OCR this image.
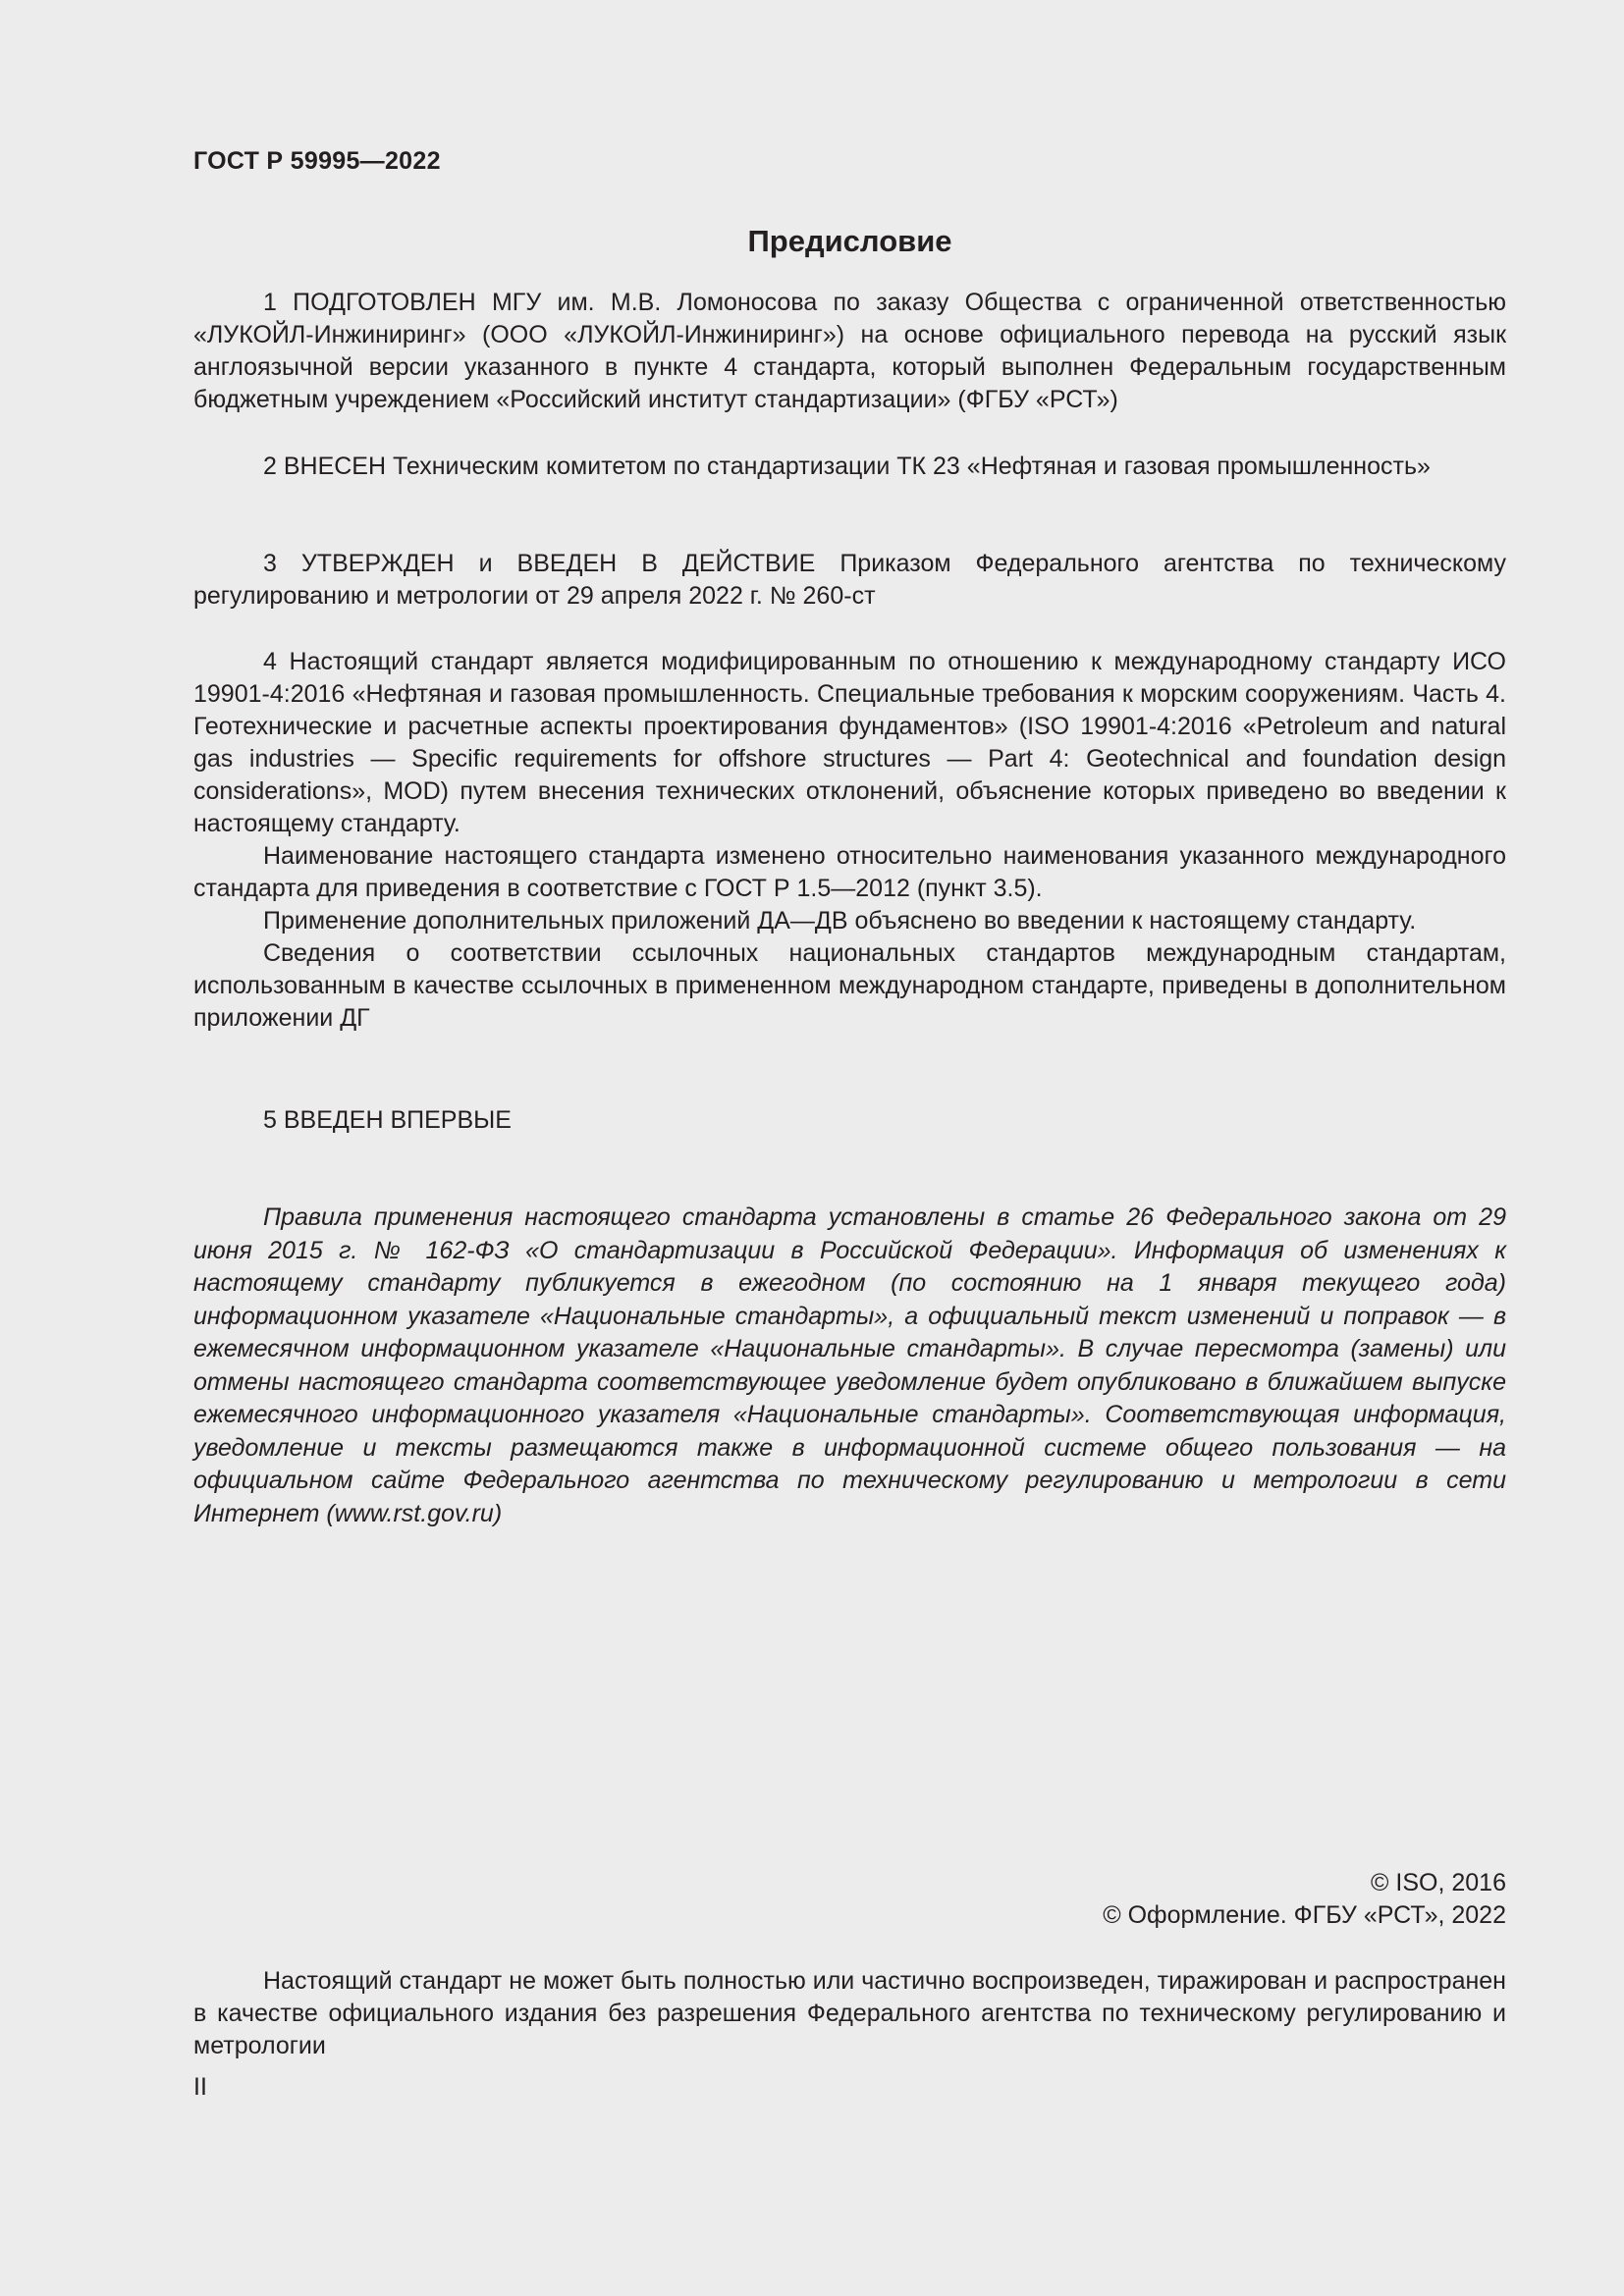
ГОСТ Р 59995—2022
Предисловие

1 ПОДГОТОВЛЕН МГУ им. М.В. Ломоносова по заказу Общества с ограниченной ответственностью «ЛУКОЙЛ-Инжиниринг» (ООО «ЛУКОЙЛ-Инжиниринг») на основе официального перевода на русский язык англоязычной версии указанного в пункте 4 стандарта, который выполнен Федеральным государственным бюджетным учреждением «Российский институт стандартизации» (ФГБУ «РСТ»)

2 ВНЕСЕН Техническим комитетом по стандартизации ТК 23 «Нефтяная и газовая промышленность»

3 УТВЕРЖДЕН и ВВЕДЕН В ДЕЙСТВИЕ Приказом Федерального агентства по техническому регулированию и метрологии от 29 апреля 2022 г. № 260-ст

4 Настоящий стандарт является модифицированным по отношению к международному стандарту ИСО 19901-4:2016 «Нефтяная и газовая промышленность. Специальные требования к морским сооружениям. Часть 4. Геотехнические и расчетные аспекты проектирования фундаментов» (ISO 19901-4:2016 «Petroleum and natural gas industries — Specific requirements for offshore structures — Part 4: Geotechnical and foundation design considerations», MOD) путем внесения технических отклонений, объяснение которых приведено во введении к настоящему стандарту.

Наименование настоящего стандарта изменено относительно наименования указанного международного стандарта для приведения в соответствие с ГОСТ Р 1.5—2012 (пункт 3.5).

Применение дополнительных приложений ДА—ДВ объяснено во введении к настоящему стандарту.

Сведения о соответствии ссылочных национальных стандартов международным стандартам, использованным в качестве ссылочных в примененном международном стандарте, приведены в дополнительном приложении ДГ

5 ВВЕДЕН ВПЕРВЫЕ

Правила применения настоящего стандарта установлены в статье 26 Федерального закона от 29 июня 2015 г. № 162-ФЗ «О стандартизации в Российской Федерации». Информация об изменениях к настоящему стандарту публикуется в ежегодном (по состоянию на 1 января текущего года) информационном указателе «Национальные стандарты», а официальный текст изменений и поправок — в ежемесячном информационном указателе «Национальные стандарты». В случае пересмотра (замены) или отмены настоящего стандарта соответствующее уведомление будет опубликовано в ближайшем выпуске ежемесячного информационного указателя «Национальные стандарты». Соответствующая информация, уведомление и тексты размещаются также в информационной системе общего пользования — на официальном сайте Федерального агентства по техническому регулированию и метрологии в сети Интернет (www.rst.gov.ru)

© ISO, 2016
© Оформление. ФГБУ «РСТ», 2022

Настоящий стандарт не может быть полностью или частично воспроизведен, тиражирован и распространен в качестве официального издания без разрешения Федерального агентства по техническому регулированию и метрологии

II
